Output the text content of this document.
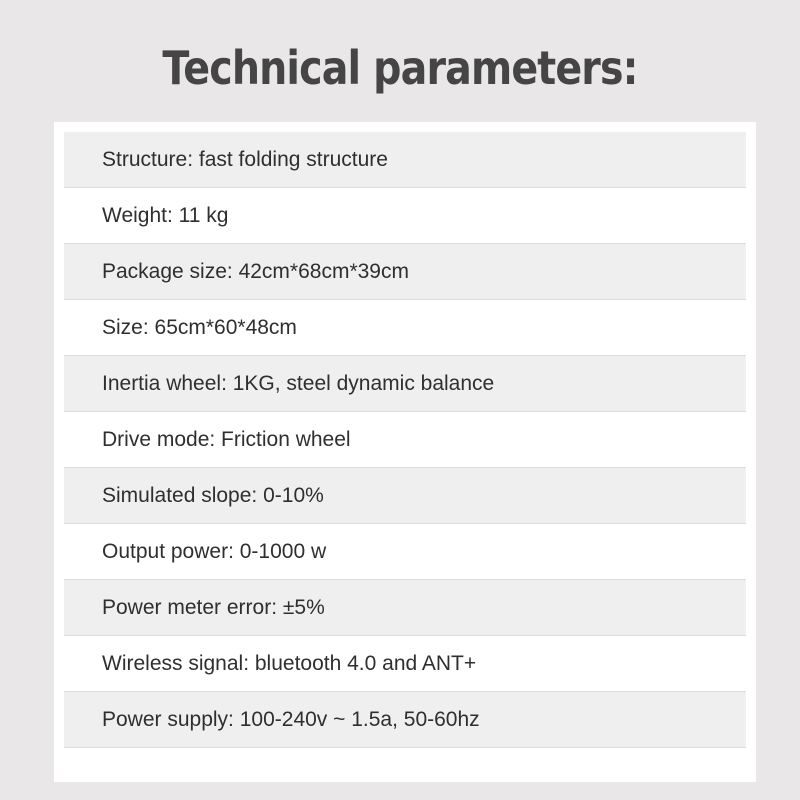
Technical parameters:
Structure: fast folding structure
Weight: 11 kg
Package size: 42cm*68cm*39cm
Size: 65cm*60*48cm
Inertia wheel: 1KG, steel dynamic balance
Drive mode: Friction wheel
Simulated slope: 0-10%
Output power: 0-1000 w
Power meter error: ±5%
Wireless signal: bluetooth 4.0 and ANT+
Power supply: 100-240v ~ 1.5a, 50-60hz
